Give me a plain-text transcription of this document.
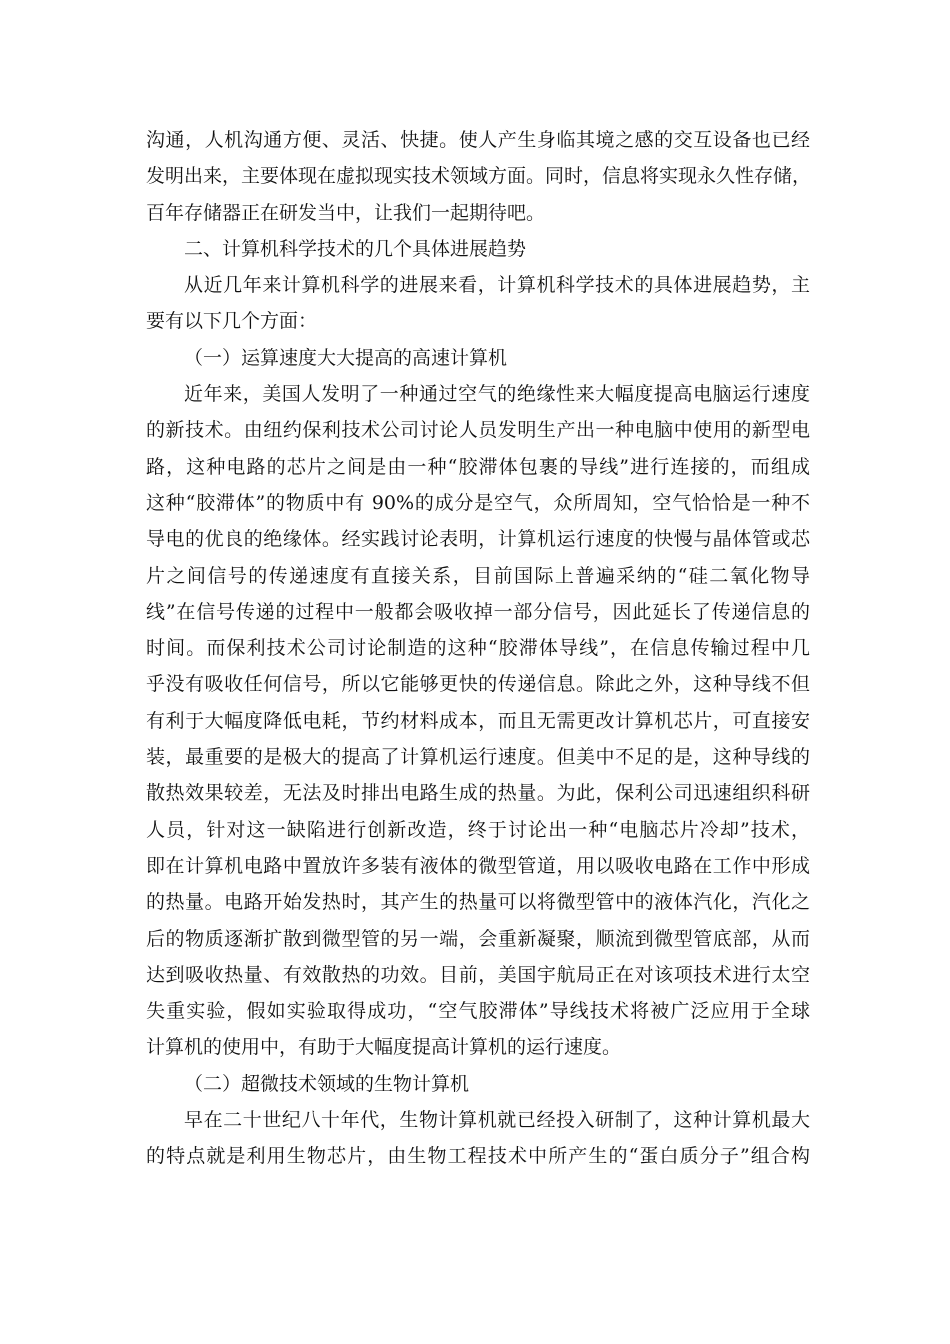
沟通，人机沟通方便、灵活、快捷。使人产生身临其境之感的交互设备也已经
发明出来，主要体现在虚拟现实技术领域方面。同时，信息将实现永久性存储，
百年存储器正在研发当中，让我们一起期待吧。
二、计算机科学技术的几个具体进展趋势
从近几年来计算机科学的进展来看，计算机科学技术的具体进展趋势，主
要有以下几个方面：
（一）运算速度大大提高的高速计算机
近年来，美国人发明了一种通过空气的绝缘性来大幅度提高电脑运行速度
的新技术。由纽约保利技术公司讨论人员发明生产出一种电脑中使用的新型电
路，这种电路的芯片之间是由一种“胶滞体包裹的导线”进行连接的，而组成
这种“胶滞体”的物质中有 90%的成分是空气，众所周知，空气恰恰是一种不
导电的优良的绝缘体。经实践讨论表明，计算机运行速度的快慢与晶体管或芯
片之间信号的传递速度有直接关系，目前国际上普遍采纳的“硅二氧化物导
线”在信号传递的过程中一般都会吸收掉一部分信号，因此延长了传递信息的
时间。而保利技术公司讨论制造的这种“胶滞体导线”，在信息传输过程中几
乎没有吸收任何信号，所以它能够更快的传递信息。除此之外，这种导线不但
有利于大幅度降低电耗，节约材料成本，而且无需更改计算机芯片，可直接安
装，最重要的是极大的提高了计算机运行速度。但美中不足的是，这种导线的
散热效果较差，无法及时排出电路生成的热量。为此，保利公司迅速组织科研
人员，针对这一缺陷进行创新改造，终于讨论出一种“电脑芯片冷却”技术，
即在计算机电路中置放许多装有液体的微型管道，用以吸收电路在工作中形成
的热量。电路开始发热时，其产生的热量可以将微型管中的液体汽化，汽化之
后的物质逐渐扩散到微型管的另一端，会重新凝聚，顺流到微型管底部，从而
达到吸收热量、有效散热的功效。目前，美国宇航局正在对该项技术进行太空
失重实验，假如实验取得成功，“空气胶滞体”导线技术将被广泛应用于全球
计算机的使用中，有助于大幅度提高计算机的运行速度。
（二）超微技术领域的生物计算机
早在二十世纪八十年代，生物计算机就已经投入研制了，这种计算机最大
的特点就是利用生物芯片，由生物工程技术中所产生的“蛋白质分子”组合构
